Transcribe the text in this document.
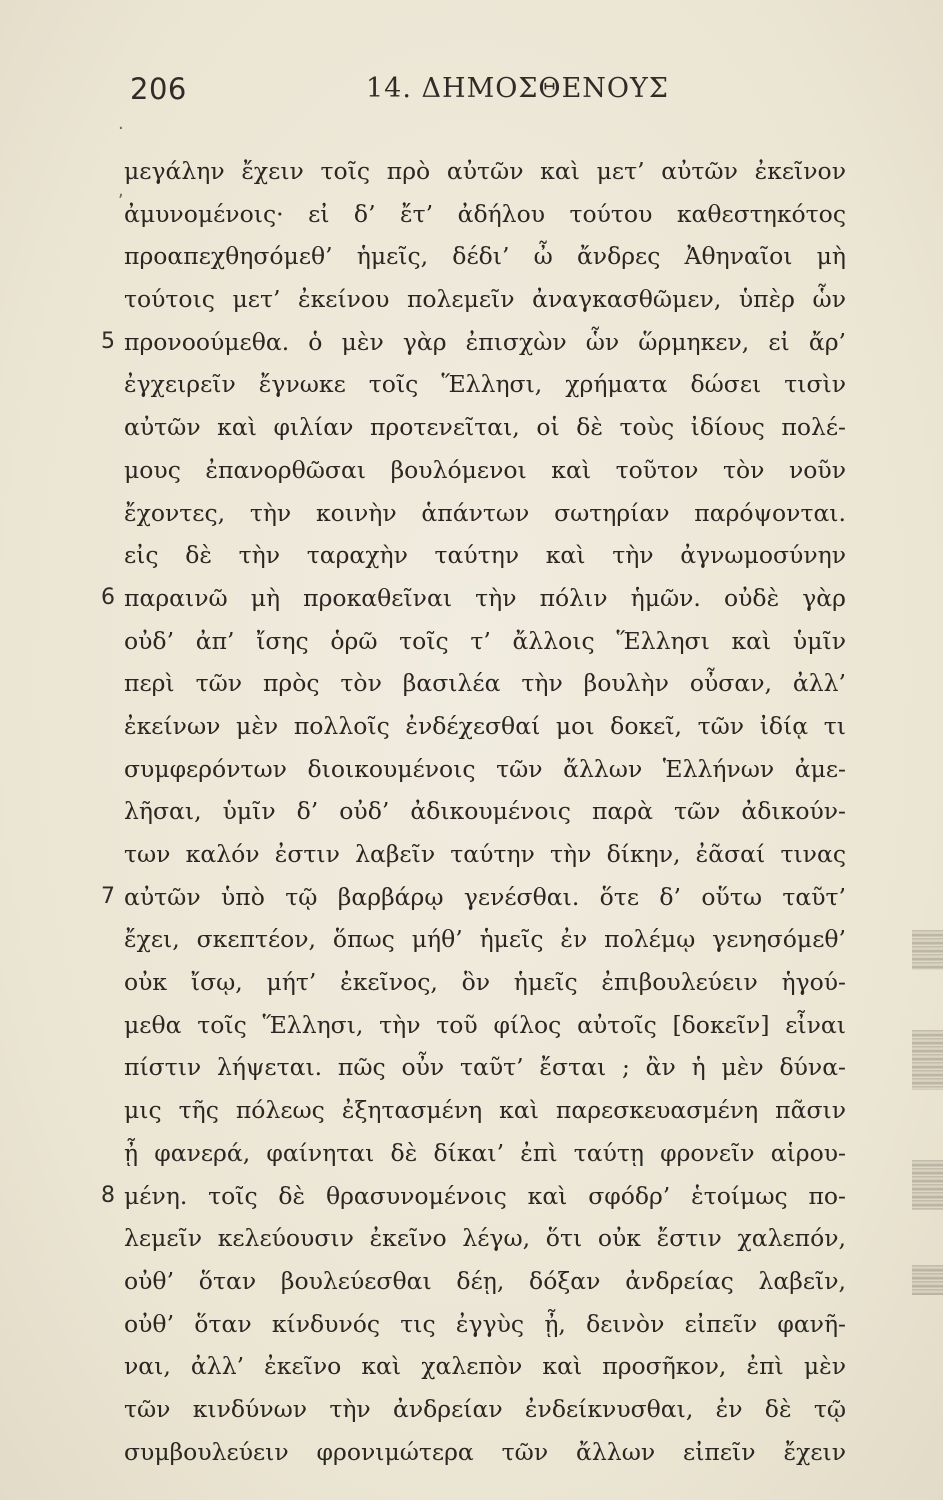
206	14. ΔΗΜΟΣΘΕΝΟΥΣ
μεγάλην ἔχειν τοῖς πρὸ αὐτῶν καὶ μετ’ αὐτῶν ἐκεῖνον
ἀμυνομένοις· εἰ δ’ ἔτ’ ἀδήλου τούτου καθεστηκότος
προαπεχθησόμεθ’ ἡμεῖς, δέδι’ ὦ ἄνδρες Ἀθηναῖοι μὴ
τούτοις μετ’ ἐκείνου πολεμεῖν ἀναγκασθῶμεν, ὑπὲρ ὧν
5 προνοούμεθα. ὁ μὲν γὰρ ἐπισχὼν ὧν ὥρμηκεν, εἰ ἄρ’
ἐγχειρεῖν ἔγνωκε τοῖς Ἕλλησι, χρήματα δώσει τισὶν
αὐτῶν καὶ φιλίαν προτενεῖται, οἱ δὲ τοὺς ἰδίους πολέ-
μους ἐπανορθῶσαι βουλόμενοι καὶ τοῦτον τὸν νοῦν
ἔχοντες, τὴν κοινὴν ἁπάντων σωτηρίαν παρόψονται.
εἰς δὲ τὴν ταραχὴν ταύτην καὶ τὴν ἀγνωμοσύνην
6 παραινῶ μὴ προκαθεῖναι τὴν πόλιν ἡμῶν. οὐδὲ γὰρ
οὐδ’ ἀπ’ ἴσης ὁρῶ τοῖς τ’ ἄλλοις Ἕλλησι καὶ ὑμῖν
περὶ τῶν πρὸς τὸν βασιλέα τὴν βουλὴν οὖσαν, ἀλλ’
ἐκείνων μὲν πολλοῖς ἐνδέχεσθαί μοι δοκεῖ, τῶν ἰδίᾳ τι
συμφερόντων διοικουμένοις τῶν ἄλλων Ἑλλήνων ἀμε-
λῆσαι, ὑμῖν δ’ οὐδ’ ἀδικουμένοις παρὰ τῶν ἀδικούν-
των καλόν ἐστιν λαβεῖν ταύτην τὴν δίκην, ἐᾶσαί τινας
7 αὐτῶν ὑπὸ τῷ βαρβάρῳ γενέσθαι. ὅτε δ’ οὕτω ταῦτ’
ἔχει, σκεπτέον, ὅπως μήθ’ ἡμεῖς ἐν πολέμῳ γενησόμεθ’
οὐκ ἴσῳ, μήτ’ ἐκεῖνος, ὃν ἡμεῖς ἐπιβουλεύειν ἡγού-
μεθα τοῖς Ἕλλησι, τὴν τοῦ φίλος αὐτοῖς [δοκεῖν] εἶναι
πίστιν λήψεται. πῶς οὖν ταῦτ’ ἔσται ; ἂν ἡ μὲν δύνα-
μις τῆς πόλεως ἐξητασμένη καὶ παρεσκευασμένη πᾶσιν
ᾖ φανερά, φαίνηται δὲ δίκαι’ ἐπὶ ταύτῃ φρονεῖν αἱρου-
8 μένη. τοῖς δὲ θρασυνομένοις καὶ σφόδρ’ ἑτοίμως πο-
λεμεῖν κελεύουσιν ἐκεῖνο λέγω, ὅτι οὐκ ἔστιν χαλεπόν,
οὐθ’ ὅταν βουλεύεσθαι δέῃ, δόξαν ἀνδρείας λαβεῖν,
οὐθ’ ὅταν κίνδυνός τις ἐγγὺς ᾖ, δεινὸν εἰπεῖν φανῆ-
ναι, ἀλλ’ ἐκεῖνο καὶ χαλεπὸν καὶ προσῆκον, ἐπὶ μὲν
τῶν κινδύνων τὴν ἀνδρείαν ἐνδείκνυσθαι, ἐν δὲ τῷ
συμβουλεύειν φρονιμώτερα τῶν ἄλλων εἰπεῖν ἔχειν
·
,
